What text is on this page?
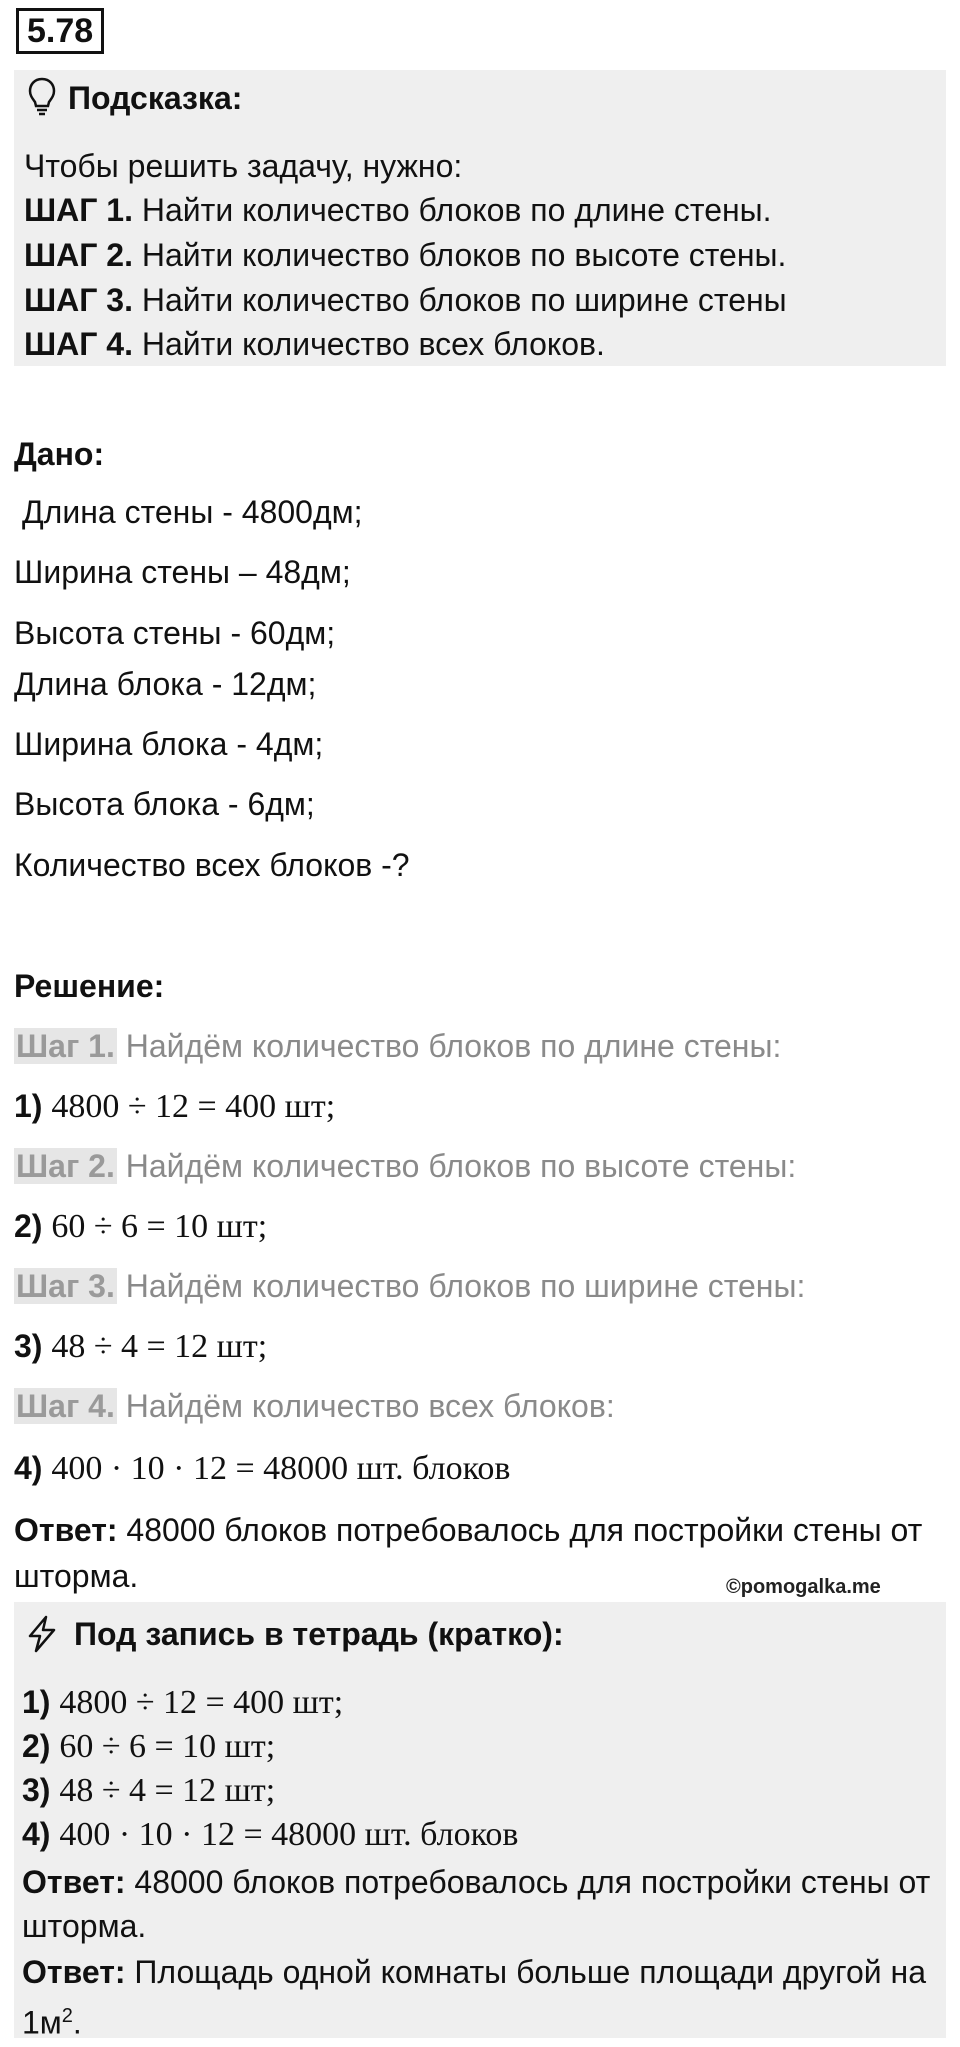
5.78
Подсказка:
Чтобы решить задачу, нужно:
ШАГ 1. Найти количество блоков по длине стены.
ШАГ 2. Найти количество блоков по высоте стены.
ШАГ 3. Найти количество блоков по ширине стены
ШАГ 4. Найти количество всех блоков.
Дано:
Длина стены - 4800дм;
Ширина стены – 48дм;
Высота стены - 60дм;
Длина блока - 12дм;
Ширина блока - 4дм;
Высота блока - 6дм;
Количество всех блоков -?
Решение:
Шаг 1. Найдём количество блоков по длине стены:
1) 4800 ÷ 12 = 400 шт;
Шаг 2. Найдём количество блоков по высоте стены:
2) 60 ÷ 6 = 10 шт;
Шаг 3. Найдём количество блоков по ширине стены:
3) 48 ÷ 4 = 12 шт;
Шаг 4. Найдём количество всех блоков:
4) 400 · 10 · 12 = 48000 шт. блоков
Ответ: 48000 блоков потребовалось для постройки стены от
шторма.	©pomogalka.me
Под запись в тетрадь (кратко):
1) 4800 ÷ 12 = 400 шт;
2) 60 ÷ 6 = 10 шт;
3) 48 ÷ 4 = 12 шт;
4) 400 · 10 · 12 = 48000 шт. блоков
Ответ: 48000 блоков потребовалось для постройки стены от
шторма.
Ответ: Площадь одной комнаты больше площади другой на
$1м^2$.
